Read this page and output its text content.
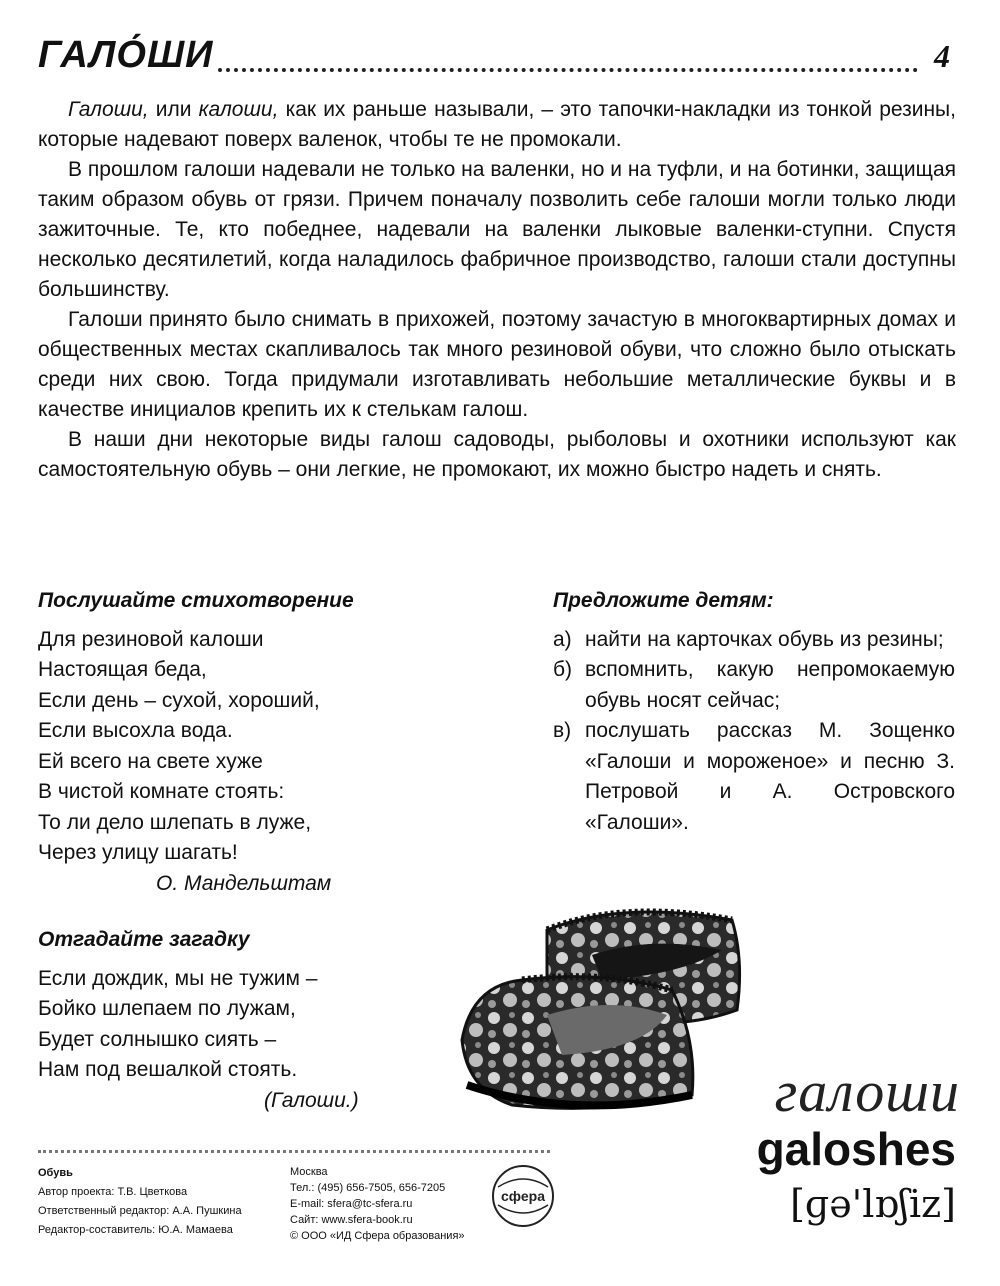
ГАЛО́ШИ	4

Галоши, или калоши, как их раньше называли, – это тапочки-накладки из тонкой резины, которые надевают поверх валенок, чтобы те не промокали.

В прошлом галоши надевали не только на валенки, но и на туфли, и на ботинки, защищая таким образом обувь от грязи. Причем поначалу позволить себе галоши могли только люди зажиточные. Те, кто победнее, надевали на валенки лыковые валенки-ступни. Спустя несколько десятилетий, когда наладилось фабричное производство, галоши стали доступны большинству.

Галоши принято было снимать в прихожей, поэтому зачастую в многоквартирных домах и общественных местах скапливалось так много резиновой обуви, что сложно было отыскать среди них свою. Тогда придумали изготавливать небольшие металлические буквы и в качестве инициалов крепить их к стелькам галош.

В наши дни некоторые виды галош садоводы, рыболовы и охотники используют как самостоятельную обувь – они легкие, не промокают, их можно быстро надеть и снять.

Послушайте стихотворение
Для резиновой калоши
Настоящая беда,
Если день – сухой, хороший,
Если высохла вода.
Ей всего на свете хуже
В чистой комнате стоять:
То ли дело шлепать в луже,
Через улицу шагать!
О. Мандельштам
Предложите детям:
а) найти на карточках обувь из резины;
б) вспомнить, какую непромокаемую обувь носят сейчас;
в) послушать рассказ М. Зощенко «Галоши и мороженое» и песню З. Петровой и А. Островского «Галоши».
Отгадайте загадку
Если дождик, мы не тужим –
Бойко шлепаем по лужам,
Будет солнышко сиять –
Нам под вешалкой стоять.
(Галоши.)	галоши
galoshes
[ɡə'lɒʃiz]
Обувь
Автор проекта: Т.В. Цветкова
Ответственный редактор: А.А. Пушкина
Редактор-составитель: Ю.А. Мамаева
Москва
Тел.: (495) 656-7505, 656-7205
E-mail: sfera@tc-sfera.ru
Сайт: www.sfera-book.ru
© ООО «ИД Сфера образования»
сфера
